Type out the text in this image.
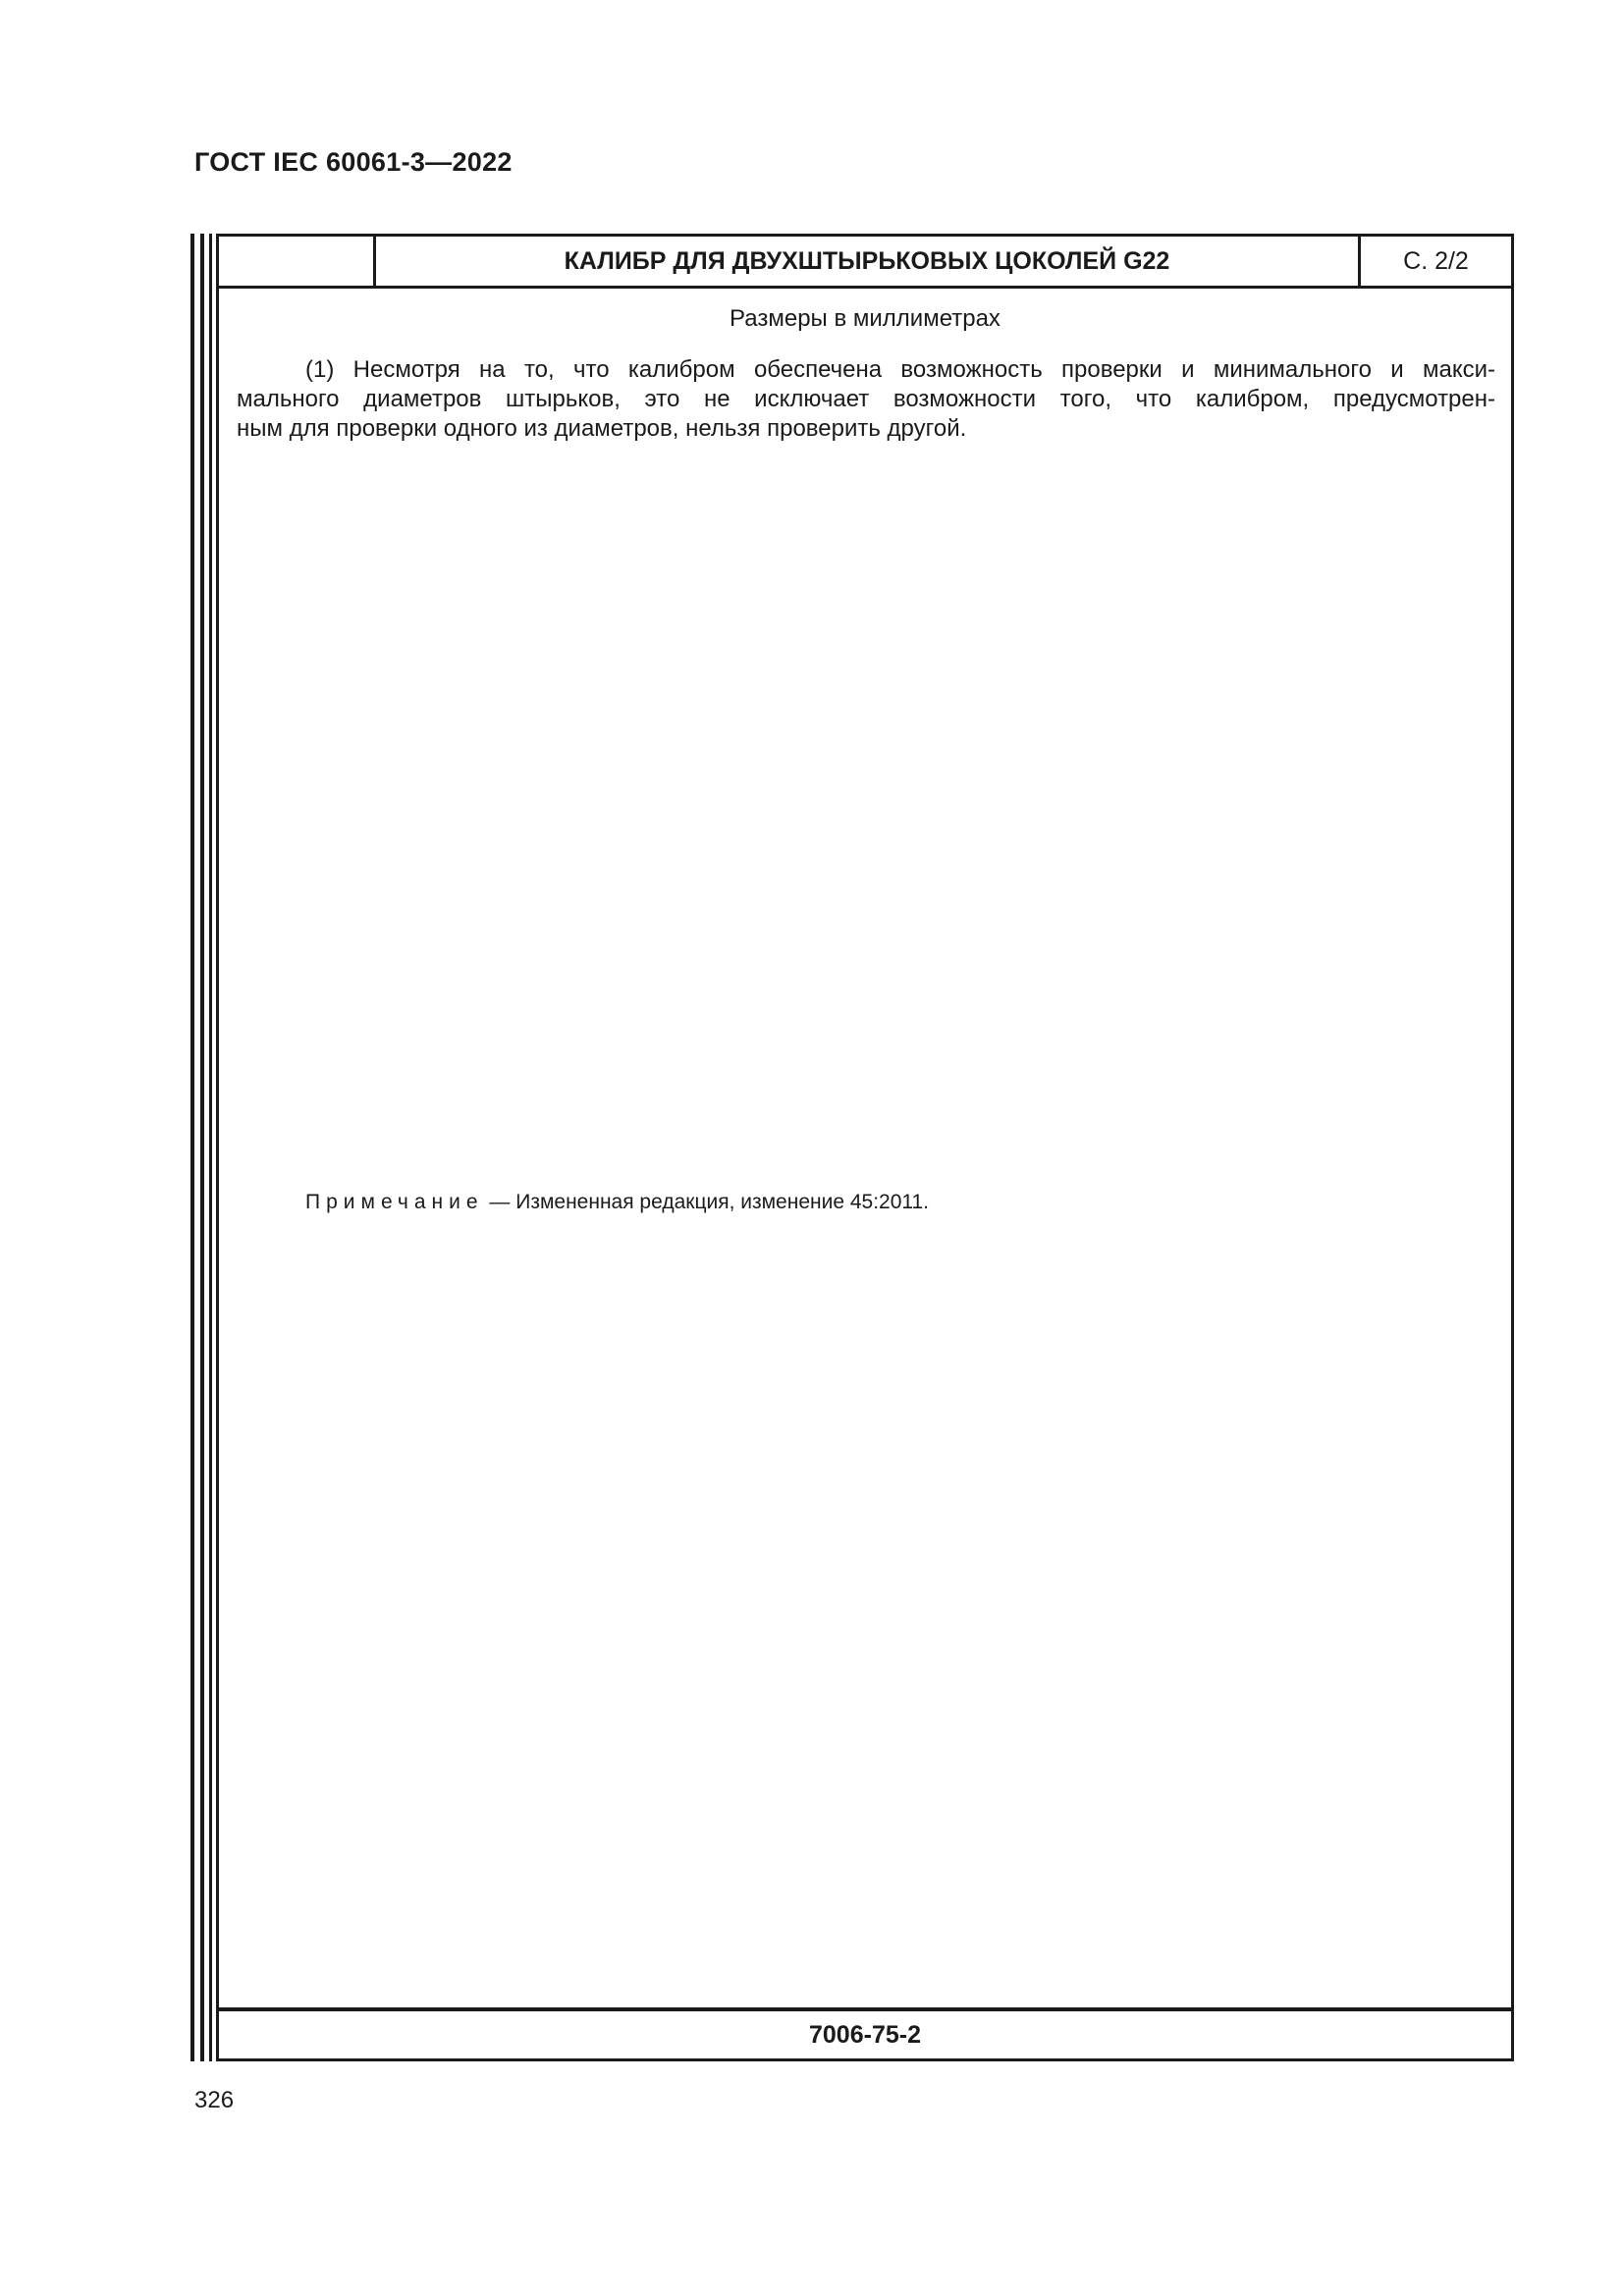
ГОСТ IEC 60061-3—2022
КАЛИБР ДЛЯ ДВУХШТЫРЬКОВЫХ ЦОКОЛЕЙ G22	С. 2/2
Размеры в миллиметрах

(1) Несмотря на то, что калибром обеспечена возможность проверки и минимального и макси-
мального диаметров штырьков, это не исключает возможности того, что калибром, предусмотрен-
ным для проверки одного из диаметров, нельзя проверить другой.

Примечание — Измененная редакция, изменение 45:2011.
7006-75-2
326
